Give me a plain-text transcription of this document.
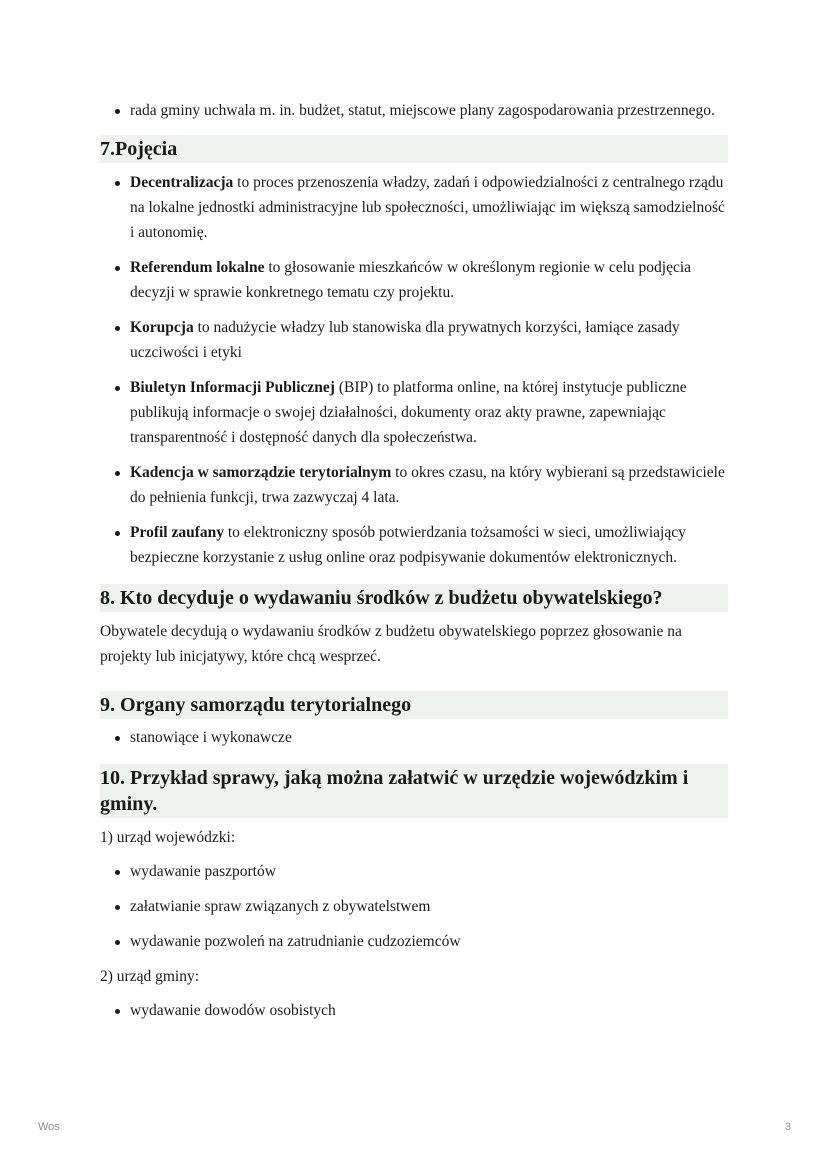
rada gminy uchwala m. in. budżet, statut, miejscowe plany zagospodarowania przestrzennego.
7.Pojęcia
Decentralizacja to proces przenoszenia władzy, zadań i odpowiedzialności z centralnego rządu na lokalne jednostki administracyjne lub społeczności, umożliwiając im większą samodzielność i autonomię.
Referendum lokalne to głosowanie mieszkańców w określonym regionie w celu podjęcia decyzji w sprawie konkretnego tematu czy projektu.
Korupcja to nadużycie władzy lub stanowiska dla prywatnych korzyści, łamiące zasady uczciwości i etyki
Biuletyn Informacji Publicznej (BIP) to platforma online, na której instytucje publiczne publikują informacje o swojej działalności, dokumenty oraz akty prawne, zapewniając transparentność i dostępność danych dla społeczeństwa.
Kadencja w samorządzie terytorialnym to okres czasu, na który wybierani są przedstawiciele do pełnienia funkcji, trwa zazwyczaj 4 lata.
Profil zaufany to elektroniczny sposób potwierdzania tożsamości w sieci, umożliwiający bezpieczne korzystanie z usług online oraz podpisywanie dokumentów elektronicznych.
8. Kto decyduje o wydawaniu środków z budżetu obywatelskiego?

Obywatele decydują o wydawaniu środków z budżetu obywatelskiego poprzez głosowanie na projekty lub inicjatywy, które chcą wesprzeć.

9. Organy samorządu terytorialnego
stanowiące i wykonawcze
10. Przykład sprawy, jaką można załatwić w urzędzie wojewódzkim i gminy.

1) urząd wojewódzki:

wydawanie paszportów
załatwianie spraw związanych z obywatelstwem
wydawanie pozwoleń na zatrudnianie cudzoziemców

2) urząd gminy:

wydawanie dowodów osobistych
Wos	3
